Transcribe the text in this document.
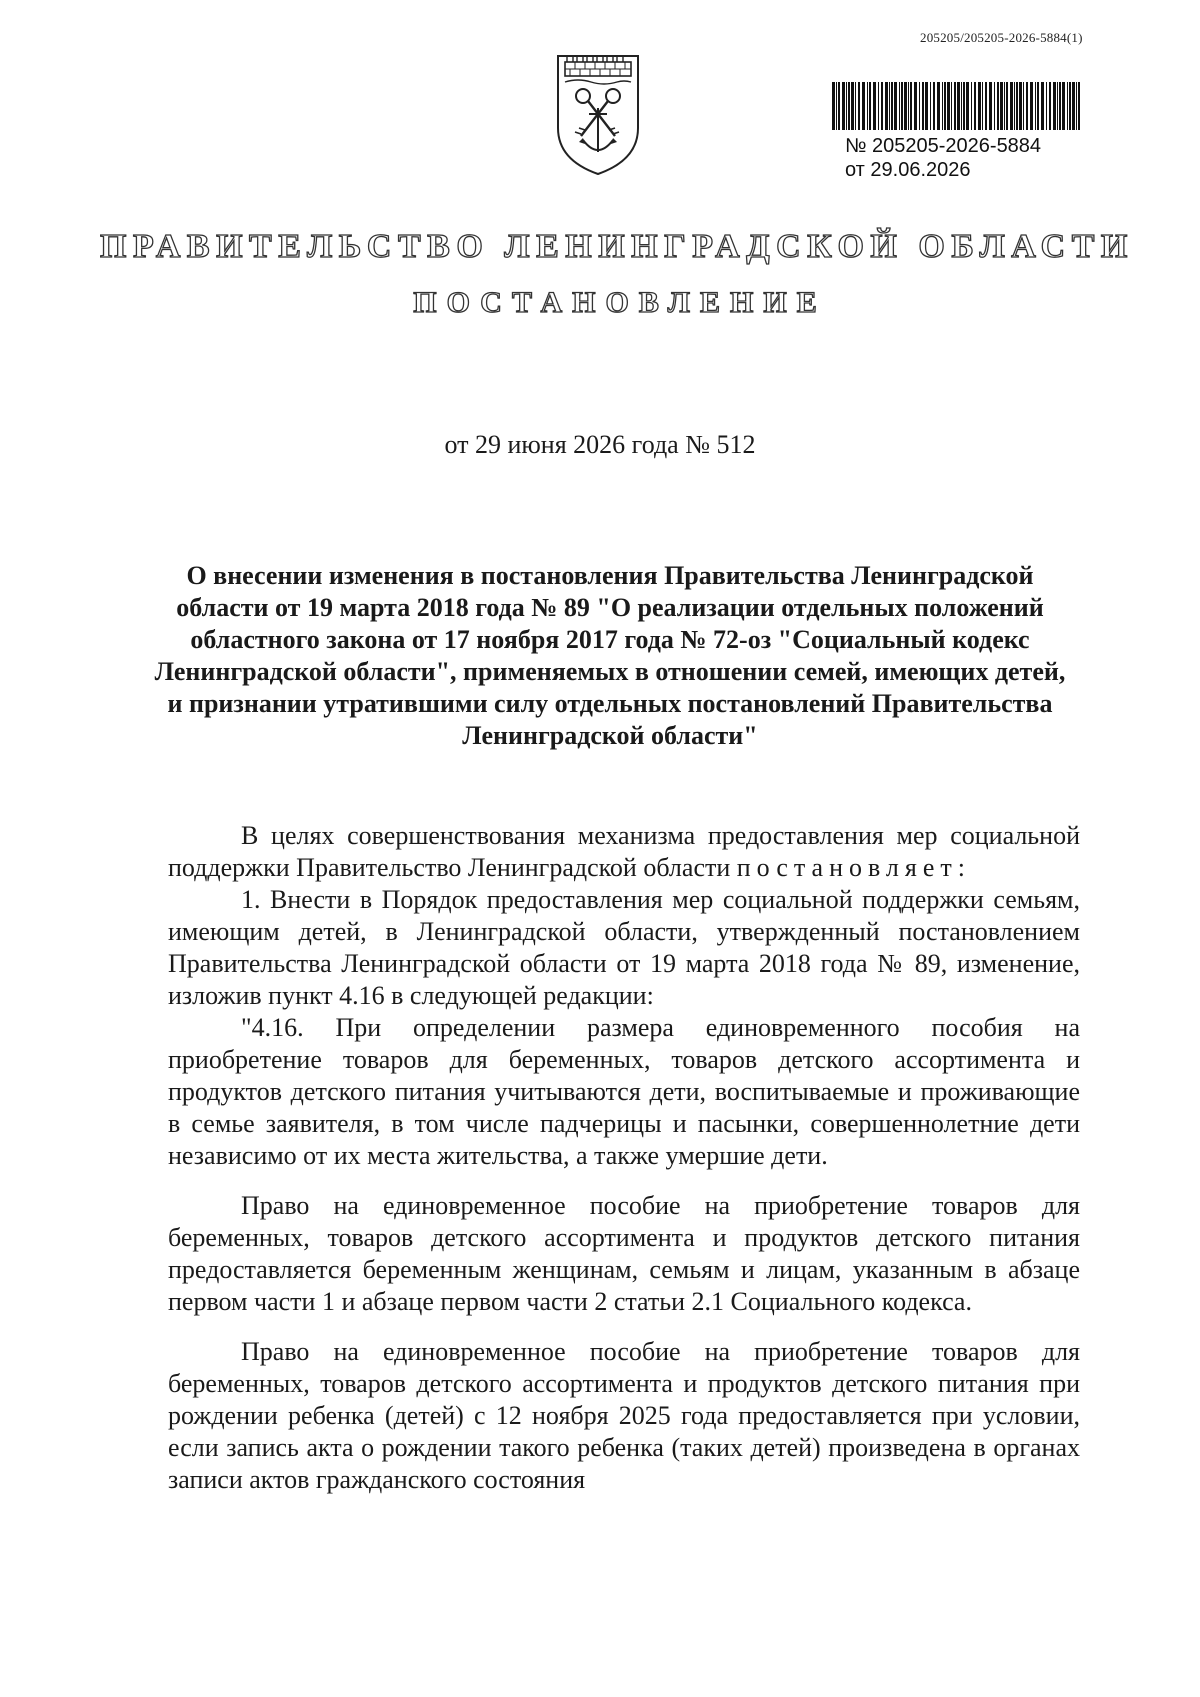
205205/205205-2026-5884(1)
№ 205205-2026-5884
от 29.06.2026
ПРАВИТЕЛЬСТВО ЛЕНИНГРАДСКОЙ ОБЛАСТИ
ПОСТАНОВЛЕНИЕ
от 29 июня 2026 года № 512
О внесении изменения в постановления Правительства Ленинградской области от 19 марта 2018 года № 89 "О реализации отдельных положений областного закона от 17 ноября 2017 года № 72-оз "Социальный кодекс Ленинградской области", применяемых в отношении семей, имеющих детей, и признании утратившими силу отдельных постановлений Правительства Ленинградской области"

В целях совершенствования механизма предоставления мер социальной поддержки Правительство Ленинградской области постановляет:

1. Внести в Порядок предоставления мер социальной поддержки семьям, имеющим детей, в Ленинградской области, утвержденный постановлением Правительства Ленинградской области от 19 марта 2018 года № 89, изменение, изложив пункт 4.16 в следующей редакции:

"4.16. При определении размера единовременного пособия на приобретение товаров для беременных, товаров детского ассортимента и продуктов детского питания учитываются дети, воспитываемые и проживающие в семье заявителя, в том числе падчерицы и пасынки, совершеннолетние дети независимо от их места жительства, а также умершие дети.

Право на единовременное пособие на приобретение товаров для беременных, товаров детского ассортимента и продуктов детского питания предоставляется беременным женщинам, семьям и лицам, указанным в абзаце первом части 1 и абзаце первом части 2 статьи 2.1 Социального кодекса.

Право на единовременное пособие на приобретение товаров для беременных, товаров детского ассортимента и продуктов детского питания при рождении ребенка (детей) с 12 ноября 2025 года предоставляется при условии, если запись акта о рождении такого ребенка (таких детей) произведена в органах записи актов гражданского состояния
